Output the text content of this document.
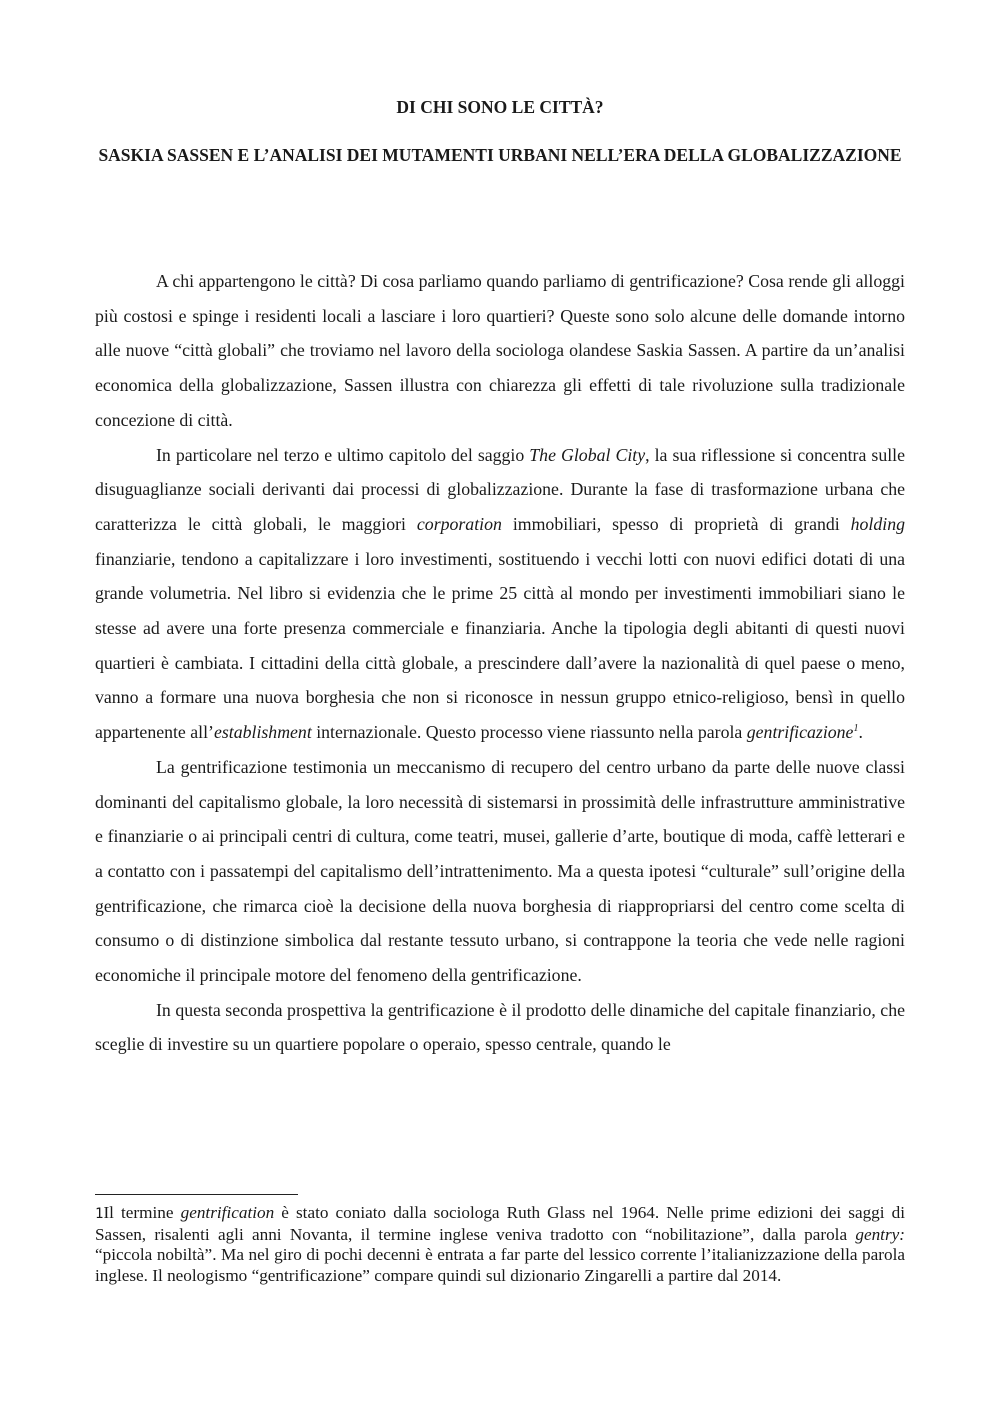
DI CHI SONO LE CITTÀ?
SASKIA SASSEN E L’ANALISI DEI MUTAMENTI URBANI NELL’ERA DELLA GLOBALIZZAZIONE

A chi appartengono le città? Di cosa parliamo quando parliamo di gentrificazione? Cosa rende gli alloggi più costosi e spinge i residenti locali a lasciare i loro quartieri? Queste sono solo alcune delle domande intorno alle nuove “città globali” che troviamo nel lavoro della sociologa olandese Saskia Sassen. A partire da un’analisi economica della globalizzazione, Sassen illustra con chiarezza gli effetti di tale rivoluzione sulla tradizionale concezione di città.

In particolare nel terzo e ultimo capitolo del saggio The Global City, la sua riflessione si concentra sulle disuguaglianze sociali derivanti dai processi di globalizzazione. Durante la fase di trasformazione urbana che caratterizza le città globali, le maggiori corporation immobiliari, spesso di proprietà di grandi holding finanziarie, tendono a capitalizzare i loro investimenti, sostituendo i vecchi lotti con nuovi edifici dotati di una grande volumetria. Nel libro si evidenzia che le prime 25 città al mondo per investimenti immobiliari siano le stesse ad avere una forte presenza commerciale e finanziaria. Anche la tipologia degli abitanti di questi nuovi quartieri è cambiata. I cittadini della città globale, a prescindere dall’avere la nazionalità di quel paese o meno, vanno a formare una nuova borghesia che non si riconosce in nessun gruppo etnico-religioso, bensì in quello appartenente all’establishment internazionale. Questo processo viene riassunto nella parola gentrificazione$^1$.

La gentrificazione testimonia un meccanismo di recupero del centro urbano da parte delle nuove classi dominanti del capitalismo globale, la loro necessità di sistemarsi in prossimità delle infrastrutture amministrative e finanziarie o ai principali centri di cultura, come teatri, musei, gallerie d’arte, boutique di moda, caffè letterari e a contatto con i passatempi del capitalismo dell’intrattenimento. Ma a questa ipotesi “culturale” sull’origine della gentrificazione, che rimarca cioè la decisione della nuova borghesia di riappropriarsi del centro come scelta di consumo o di distinzione simbolica dal restante tessuto urbano, si contrappone la teoria che vede nelle ragioni economiche il principale motore del fenomeno della gentrificazione.

In questa seconda prospettiva la gentrificazione è il prodotto delle dinamiche del capitale finanziario, che sceglie di investire su un quartiere popolare o operaio, spesso centrale, quando le

1Il termine gentrification è stato coniato dalla sociologa Ruth Glass nel 1964. Nelle prime edizioni dei saggi di Sassen, risalenti agli anni Novanta, il termine inglese veniva tradotto con “nobilitazione”, dalla parola gentry: “piccola nobiltà”. Ma nel giro di pochi decenni è entrata a far parte del lessico corrente l’italianizzazione della parola inglese. Il neologismo “gentrificazione” compare quindi sul dizionario Zingarelli a partire dal 2014.
